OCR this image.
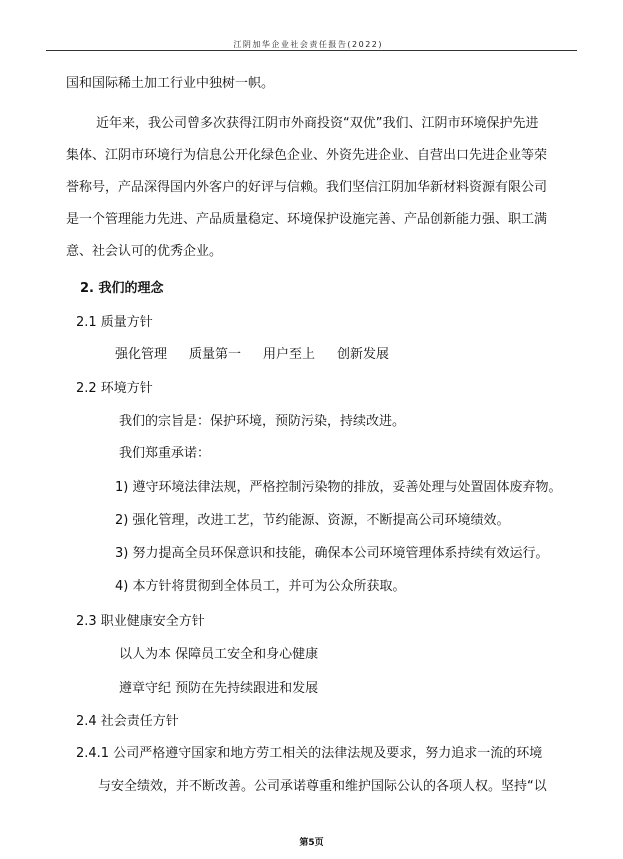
江阴加华企业社会责任报告(2022)
国和国际稀土加工行业中独树一帜。
近年来，我公司曾多次获得江阴市外商投资“双优”我们、江阴市环境保护先进
集体、江阴市环境行为信息公开化绿色企业、外资先进企业、自营出口先进企业等荣
誉称号，产品深得国内外客户的好评与信赖。我们坚信江阴加华新材料资源有限公司
是一个管理能力先进、产品质量稳定、环境保护设施完善、产品创新能力强、职工满
意、社会认可的优秀企业。
2. 我们的理念
2.1 质量方针
强化管理 质量第一 用户至上 创新发展
2.2 环境方针
我们的宗旨是：保护环境，预防污染，持续改进。
我们郑重承诺：
1) 遵守环境法律法规，严格控制污染物的排放，妥善处理与处置固体废弃物。
2) 强化管理，改进工艺，节约能源、资源，不断提高公司环境绩效。
3) 努力提高全员环保意识和技能，确保本公司环境管理体系持续有效运行。
4) 本方针将贯彻到全体员工，并可为公众所获取。
2.3 职业健康安全方针
以人为本 保障员工安全和身心健康
遵章守纪 预防在先持续跟进和发展
2.4 社会责任方针
2.4.1 公司严格遵守国家和地方劳工相关的法律法规及要求，努力追求一流的环境
与安全绩效，并不断改善。公司承诺尊重和维护国际公认的各项人权。坚持“以
第5页
